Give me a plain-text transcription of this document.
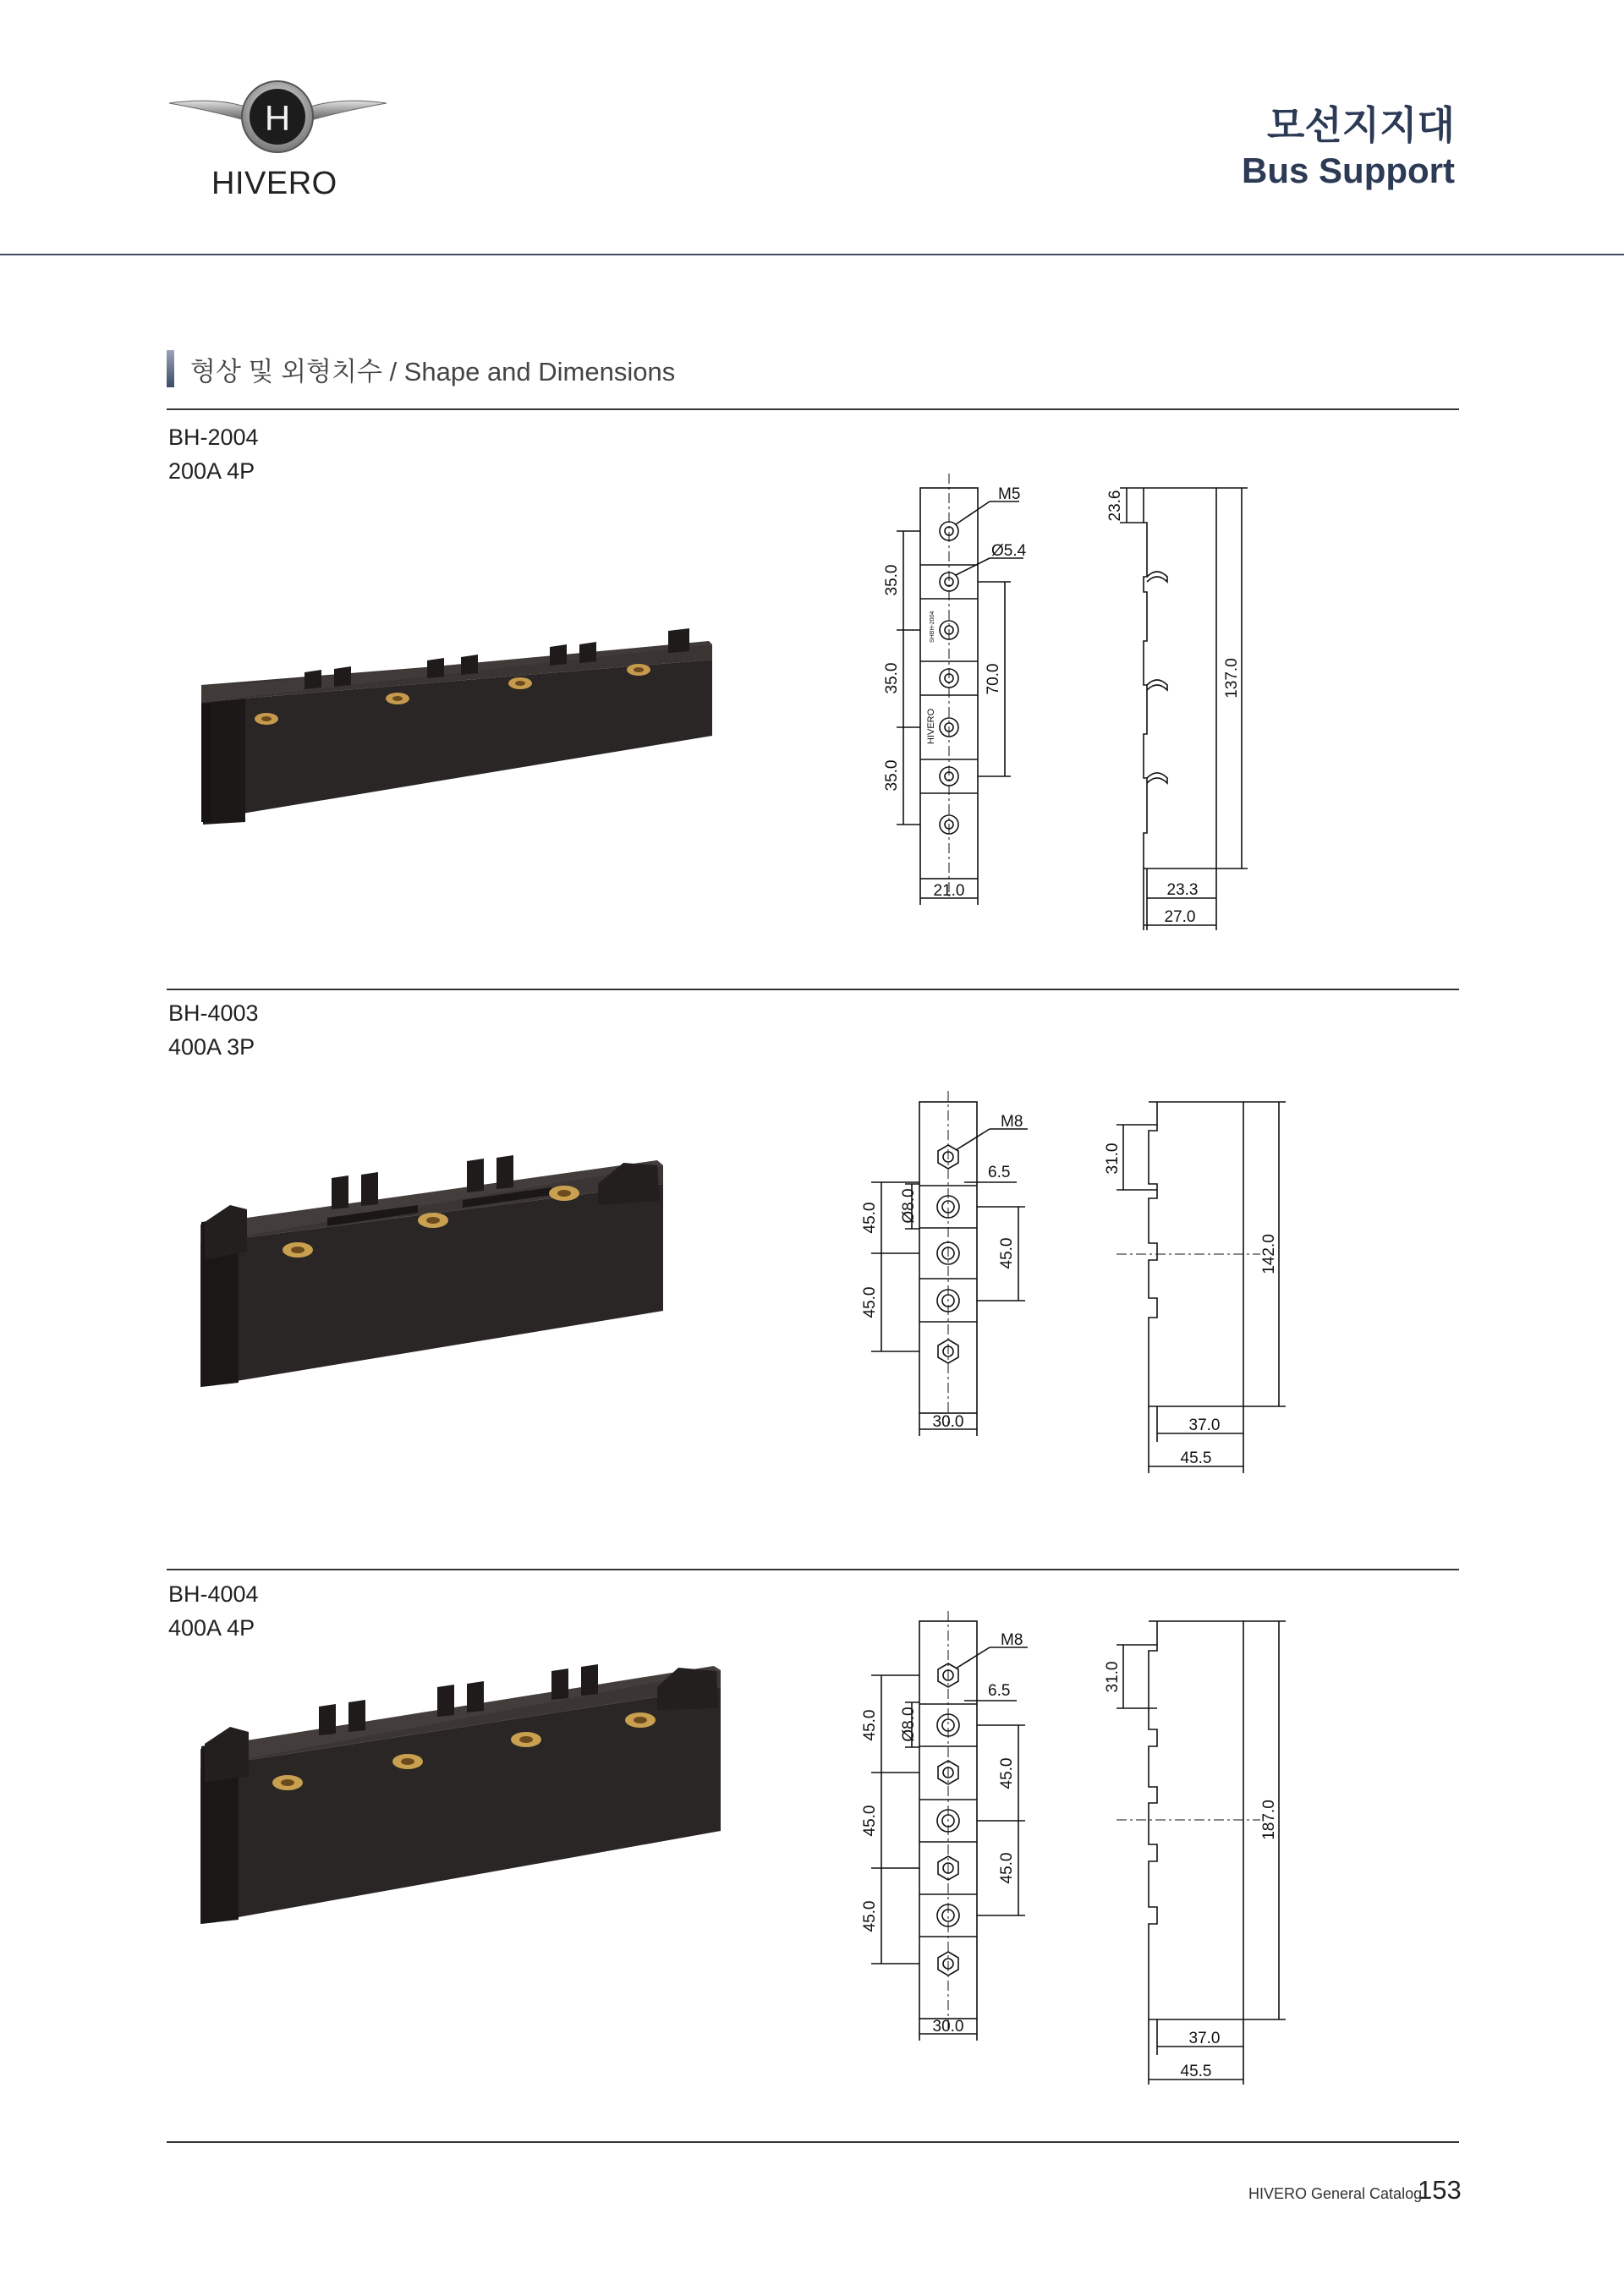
H
HIVERO
모선지지대
Bus Support
형상 및 외형치수 / Shape and Dimensions
BH-2004
200A 4P
M5
Ø5.4
35.0
35.0
35.0
70.0
21.0
HIVERO
SHBH-2004
23.6
137.0
23.3
27.0
BH-4003
400A 3P
M8
6.5
Ø8.0
45.0
45.0
45.0
30.0
31.0
142.0
37.0
45.5
BH-4004
400A 4P	M8
6.5
Ø8.0
45.0
45.0
45.0
45.0
45.0
30.0
31.0
187.0
37.0
45.5
HIVERO General Catalog
153
